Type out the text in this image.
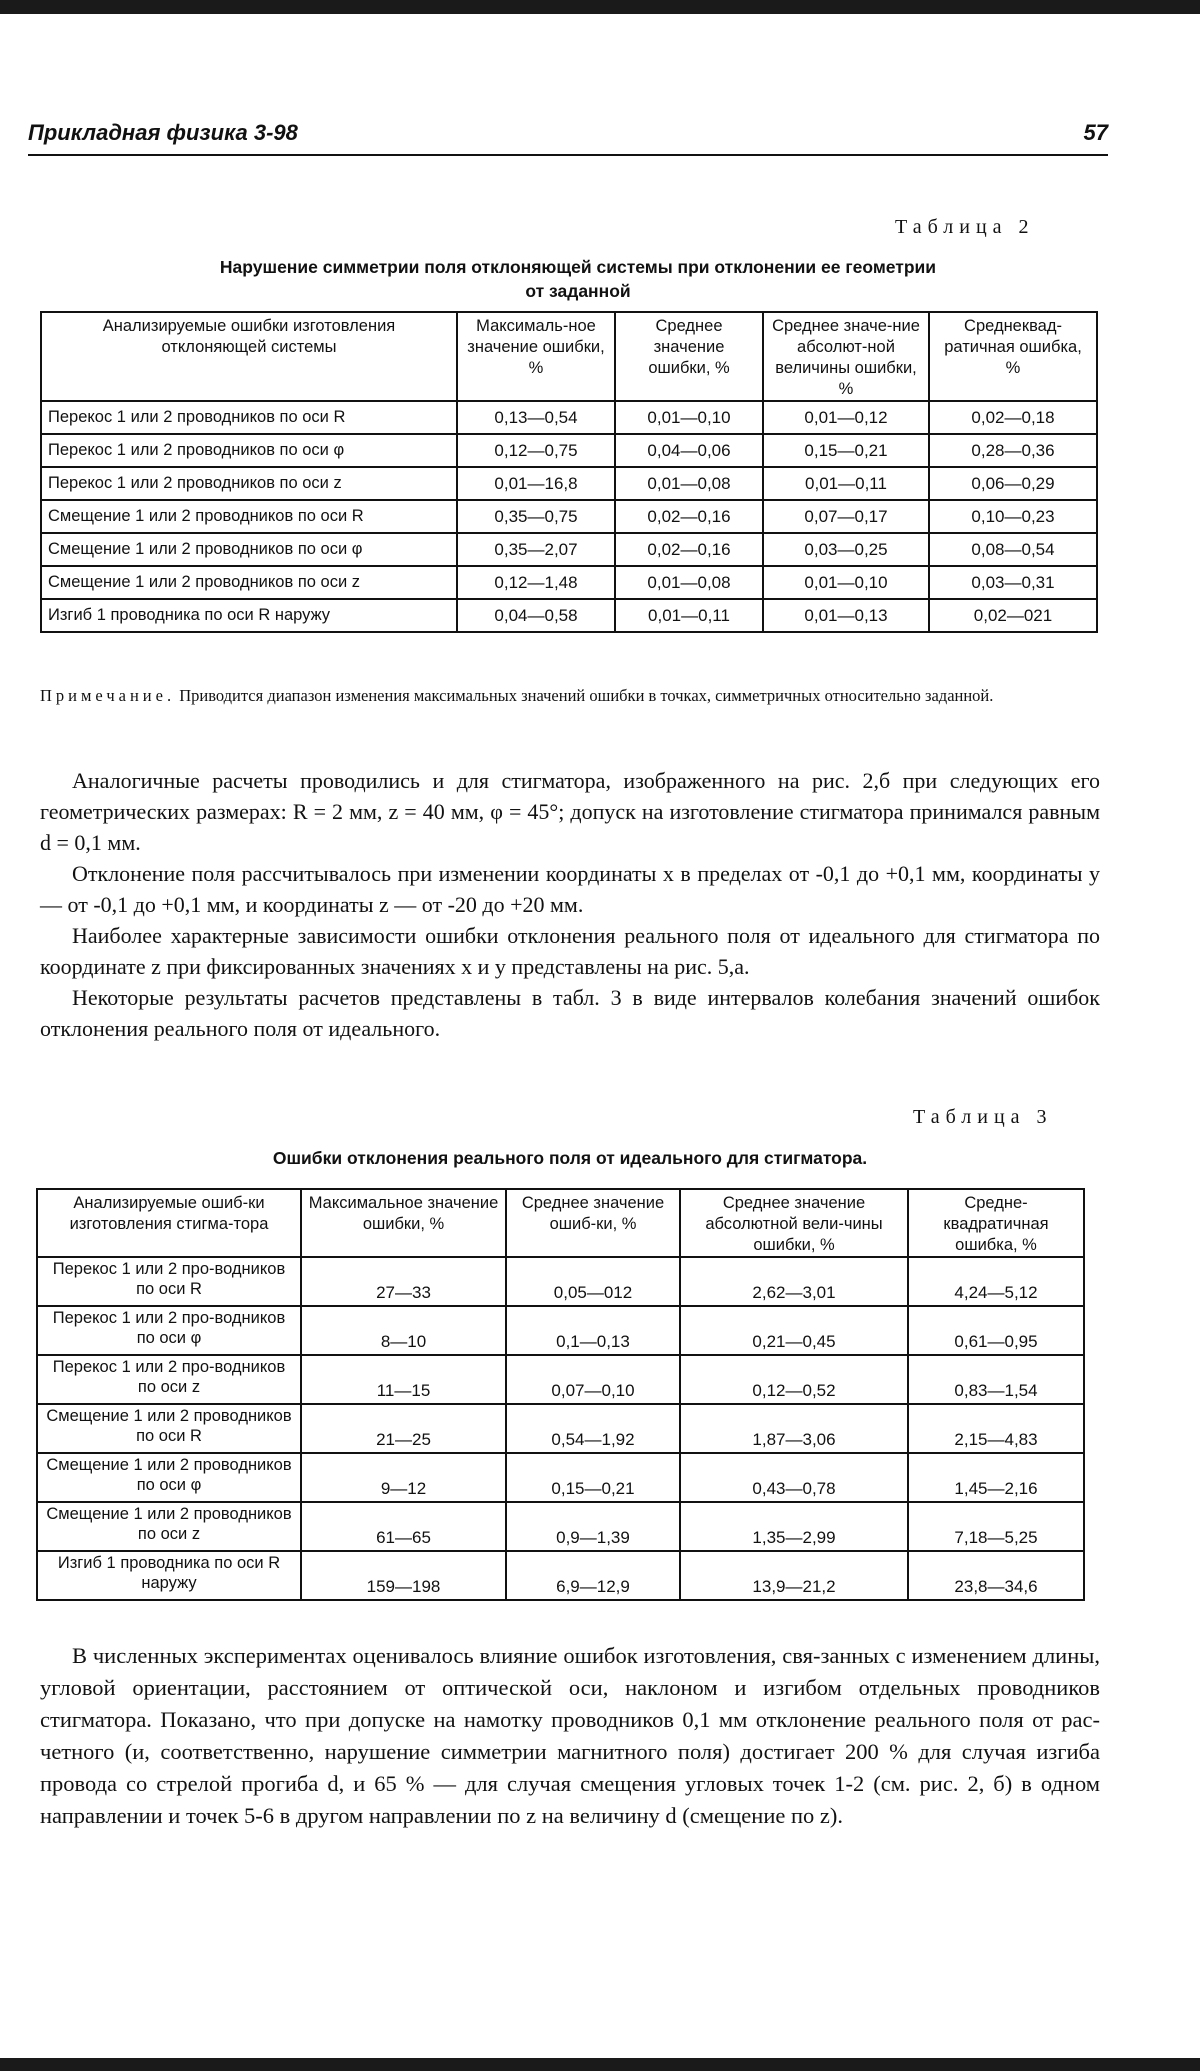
Прикладная физика 3-98	57
Таблица 2
Нарушение симметрии поля отклоняющей системы при отклонении ее геометрии
от заданной
Анализируемые ошибки изготовления отклоняющей системы	Максималь-ное значение ошибки, %	Среднее значение ошибки, %	Среднее значе-ние абсолют-ной величины ошибки, %	Среднеквад-ратичная ошибка, %
Перекос 1 или 2 проводников по оси R	0,13—0,54	0,01—0,10	0,01—0,12	0,02—0,18
Перекос 1 или 2 проводников по оси φ	0,12—0,75	0,04—0,06	0,15—0,21	0,28—0,36
Перекос 1 или 2 проводников по оси z	0,01—16,8	0,01—0,08	0,01—0,11	0,06—0,29
Смещение 1 или 2 проводников по оси R	0,35—0,75	0,02—0,16	0,07—0,17	0,10—0,23
Смещение 1 или 2 проводников по оси φ	0,35—2,07	0,02—0,16	0,03—0,25	0,08—0,54
Смещение 1 или 2 проводников по оси z	0,12—1,48	0,01—0,08	0,01—0,10	0,03—0,31
Изгиб 1 проводника по оси R наружу	0,04—0,58	0,01—0,11	0,01—0,13	0,02—021
Примечание. Приводится диапазон изменения максимальных значений ошибки в точках, симметричных относительно заданной.

Аналогичные расчеты проводились и для стигматора, изображенного на рис. 2,б при следующих его геометрических размерах: R = 2 мм, z = 40 мм, φ = 45°; допуск на изготовление стигматора принимался равным d = 0,1 мм.

Отклонение поля рассчитывалось при изменении координаты x в пределах от -0,1 до +0,1 мм, координаты y — от -0,1 до +0,1 мм, и координаты z — от -20 до +20 мм.

Наиболее характерные зависимости ошибки отклонения реального поля от идеального для стигматора по координате z при фиксированных значениях x и y представлены на рис. 5,а.

Некоторые результаты расчетов представлены в табл. 3 в виде интервалов колебания значений ошибок отклонения реального поля от идеального.

Таблица 3
Ошибки отклонения реального поля от идеального для стигматора.
Анализируемые ошиб-ки изготовления стигма-тора	Максимальное значение ошибки, %	Среднее значение ошиб-ки, %	Среднее значение абсолютной вели-чины ошибки, %	Средне-квадратичная ошибка, %
Перекос 1 или 2 про-водников по оси R	27—33	0,05—012	2,62—3,01	4,24—5,12
Перекос 1 или 2 про-водников по оси φ	8—10	0,1—0,13	0,21—0,45	0,61—0,95
Перекос 1 или 2 про-водников по оси z	11—15	0,07—0,10	0,12—0,52	0,83—1,54
Смещение 1 или 2 проводников по оси R	21—25	0,54—1,92	1,87—3,06	2,15—4,83
Смещение 1 или 2 проводников по оси φ	9—12	0,15—0,21	0,43—0,78	1,45—2,16
Смещение 1 или 2 проводников по оси z	61—65	0,9—1,39	1,35—2,99	7,18—5,25
Изгиб 1 проводника по оси R наружу	159—198	6,9—12,9	13,9—21,2	23,8—34,6

В численных экспериментах оценивалось влияние ошибок изготовления, свя-занных с изменением длины, угловой ориентации, расстоянием от оптической оси, наклоном и изгибом отдельных проводников стигматора. Показано, что при допуске на намотку проводников 0,1 мм отклонение реального поля от рас-четного (и, соответственно, нарушение симметрии магнитного поля) достигает 200 % для случая изгиба провода со стрелой прогиба d, и 65 % — для случая смещения угловых точек 1-2 (см. рис. 2, б) в одном направлении и точек 5-6 в другом направлении по z на величину d (смещение по z).
